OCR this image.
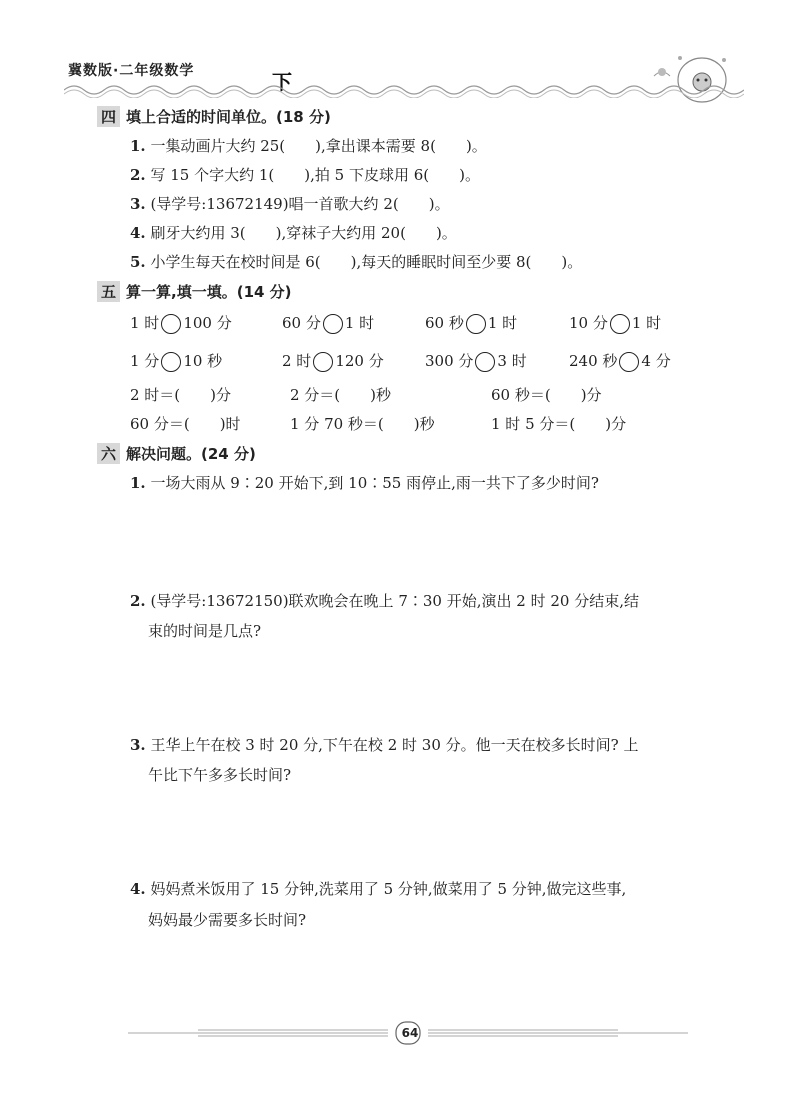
冀数版·二年级数学	下
四 填上合适的时间单位。(18 分)
1. 一集动画片大约 25(　　),拿出课本需要 8(　　)。
2. 写 15 个字大约 1(　　),拍 5 下皮球用 6(　　)。
3. (导学号:13672149)唱一首歌大约 2(　　)。
4. 刷牙大约用 3(　　),穿袜子大约用 20(　　)。
5. 小学生每天在校时间是 6(　　),每天的睡眠时间至少要 8(　　)。
五 算一算,填一填。(14 分)
1 时 100 分	60 分 1 时	60 秒 1 时	10 分 1 时
1 分 10 秒	2 时 120 分	300 分 3 时	240 秒 4 分
2 时＝(　　)分	2 分＝(　　)秒	60 秒＝(　　)分
60 分＝(　　)时	1 分 70 秒＝(　　)秒	1 时 5 分＝(　　)分
六 解决问题。(24 分)
1. 一场大雨从 9∶20 开始下,到 10∶55 雨停止,雨一共下了多少时间?
2. (导学号:13672150)联欢晚会在晚上 7∶30 开始,演出 2 时 20 分结束,结
束的时间是几点?
3. 王华上午在校 3 时 20 分,下午在校 2 时 30 分。他一天在校多长时间? 上
午比下午多多长时间?
4. 妈妈煮米饭用了 15 分钟,洗菜用了 5 分钟,做菜用了 5 分钟,做完这些事,
妈妈最少需要多长时间?
64
